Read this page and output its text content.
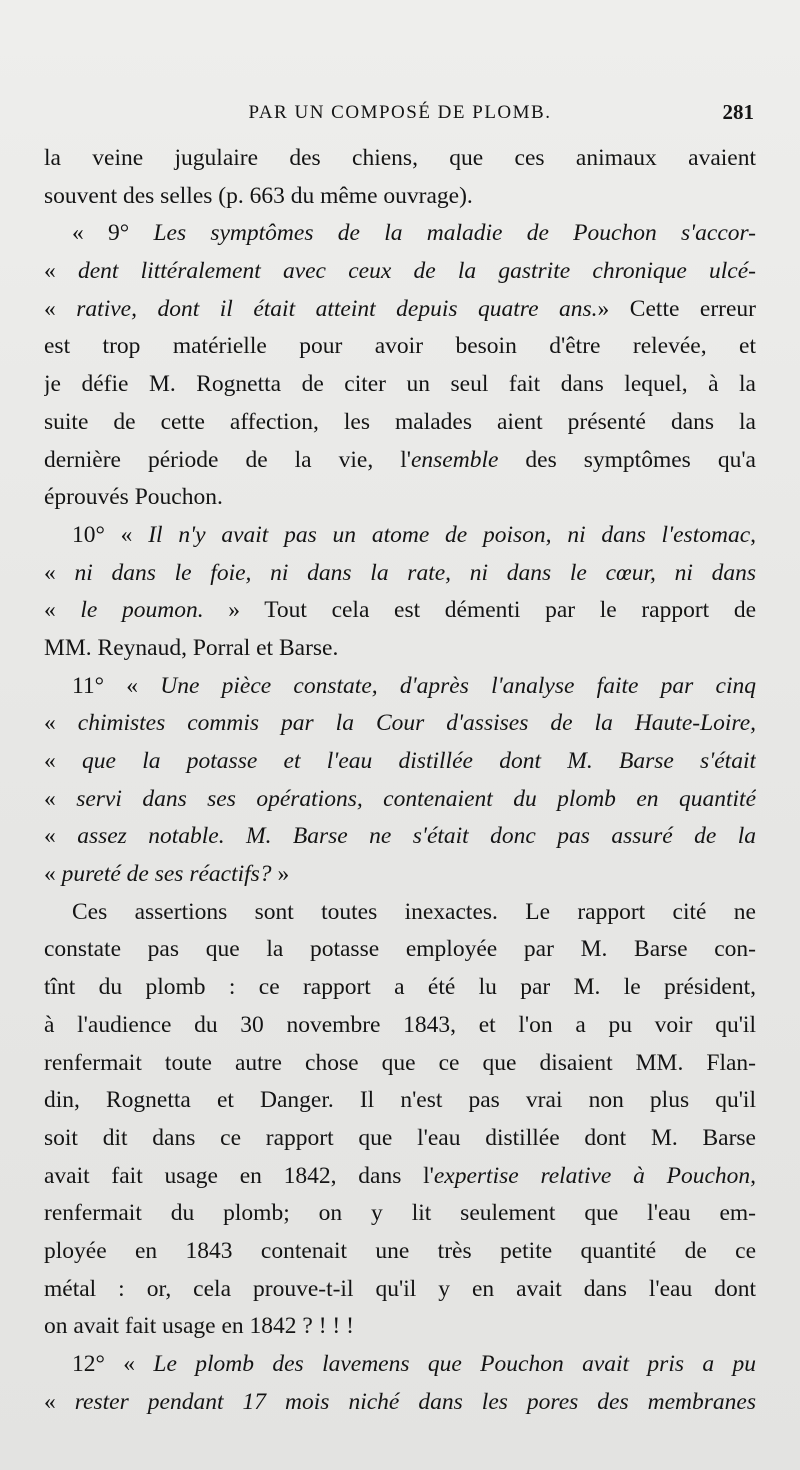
PAR UN COMPOSÉ DE PLOMB.	281
la veine jugulaire des chiens, que ces animaux avaient
souvent des selles (p. 663 du même ouvrage).
« 9° Les symptômes de la maladie de Pouchon s'accor-
« dent littéralement avec ceux de la gastrite chronique ulcé-
« rative, dont il était atteint depuis quatre ans.» Cette erreur
est trop matérielle pour avoir besoin d'être relevée, et
je défie M. Rognetta de citer un seul fait dans lequel, à la
suite de cette affection, les malades aient présenté dans la
dernière période de la vie, l'ensemble des symptômes qu'a
éprouvés Pouchon.
10° « Il n'y avait pas un atome de poison, ni dans l'estomac,
« ni dans le foie, ni dans la rate, ni dans le cœur, ni dans
« le poumon. » Tout cela est démenti par le rapport de
MM. Reynaud, Porral et Barse.
11° « Une pièce constate, d'après l'analyse faite par cinq
« chimistes commis par la Cour d'assises de la Haute-Loire,
« que la potasse et l'eau distillée dont M. Barse s'était
« servi dans ses opérations, contenaient du plomb en quantité
« assez notable. M. Barse ne s'était donc pas assuré de la
« pureté de ses réactifs? »
Ces assertions sont toutes inexactes. Le rapport cité ne
constate pas que la potasse employée par M. Barse con-
tînt du plomb : ce rapport a été lu par M. le président,
à l'audience du 30 novembre 1843, et l'on a pu voir qu'il
renfermait toute autre chose que ce que disaient MM. Flan-
din, Rognetta et Danger. Il n'est pas vrai non plus qu'il
soit dit dans ce rapport que l'eau distillée dont M. Barse
avait fait usage en 1842, dans l'expertise relative à Pouchon,
renfermait du plomb; on y lit seulement que l'eau em-
ployée en 1843 contenait une très petite quantité de ce
métal : or, cela prouve-t-il qu'il y en avait dans l'eau dont
on avait fait usage en 1842 ? ! ! !
12° « Le plomb des lavemens que Pouchon avait pris a pu
« rester pendant 17 mois niché dans les pores des membranes
